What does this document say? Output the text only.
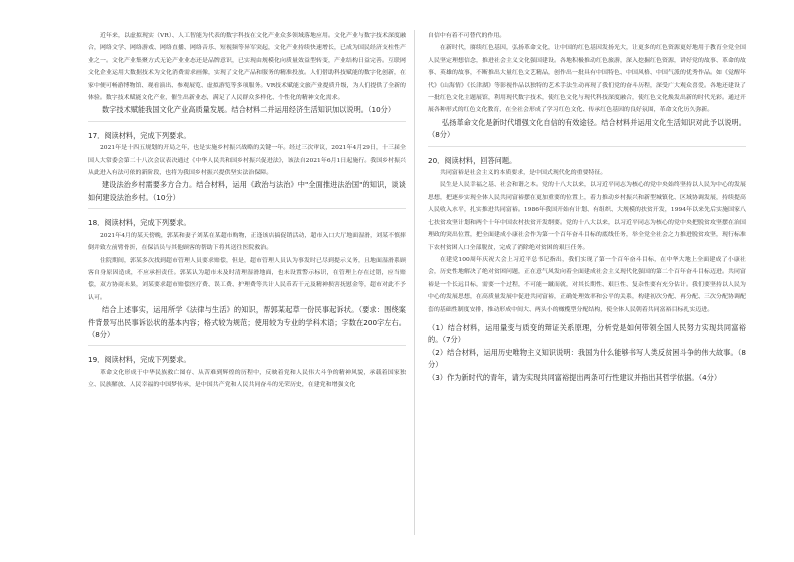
近年来，以虚拟现实（VR）、人工智能为代表的数字科技在文化产业众多领域落地应用。文化产业与数字技术深度融合，网络文学、网络游戏、网络直播、网络音乐、短视频等异军突起，文化产业持续快速增长，已成为国民经济支柱性产业之一。文化产业集聚方式无论产业业态还是品牌意识，已实现由规模化向质量效益型转变，产业结构日益完善。互联网文化企业运用大数据技术为文化消费需求画像，实现了文化产品和服务的精准投放。人们借助科技赋能的数字化创新，在家中便可畅游博物馆、观看演出、参观展览、虚拟游览等多项服务。VR技术赋能文旅产业提质升级，为人们提供了全新的体验。数字技术赋能文化产业，催生出新业态，满足了人民群众多样化、个性化的精神文化需求。

数字技术赋能我国文化产业高质量发展。结合材料二并运用经济生活知识加以说明。（10分）

17．阅读材料，完成下列要求。

2021年是十四五规划的开局之年，也是实施乡村振兴战略的关键一年。经过三次审议，2021年4月29日，十三届全国人大常委会第二十八次会议表决通过《中华人民共和国乡村振兴促进法》，该法自2021年6月1日起施行。我国乡村振兴从此进入有法可依的新阶段，也将为我国乡村振兴提供坚实法治保障。

建设法治乡村需要多方合力。结合材料，运用《政治与法治》中"全面推进法治国"的知识，谈谈如何建设法治乡村。（10分）

18．阅读材料，完成下列要求。

2021年4月的某天傍晚，郭某和妻子刘某在某超市购物，正逢该店搞促销活动，超市入口大厅地面湿滑，刘某不慎摔倒并致左前臂骨折，在保洁员与其他顾客的帮助下将其送往医院救治。

住院期间，郭某多次找到超市管理人员要求赔偿，但是，超市管理人员认为事发时已尽到提示义务，且地面湿滑系顾客自身原因造成，不应承担责任。郭某认为超市未及时清理湿滑地面，也未设置警示标识，在管理上存在过错，应当赔偿，双方协商未果，刘某要求超市赔偿医疗费、误工费、护理费等共计人民币若干元及精神损害抚慰金等，超市对此不予认可。

结合上述事实，运用所学《法律与生活》的知识，帮郭某起草一份民事起诉状。（要求：围绕案件背景写出民事诉讼状的基本内容；格式较为规范；使用较为专业的学科术语；字数在200字左右。（8分）

19．阅读材料，完成下列要求。

革命文化形成于中华民族救亡图存、从苦难到辉煌的历程中，反映着党和人民伟大斗争的精神风貌，承载着国家独立、民族解放、人民幸福的中国梦传承，是中国共产党和人民共同奋斗的光荣历史，在建党和增强文化

自信中有着不可替代的作用。

在新时代，赓续红色基因，弘扬革命文化，让中国的红色基因发扬光大，让更多的红色资源更好地用于教育全党全国人民坚定理想信念，推进社会主义文化强国建设。各地积极推动红色旅游，深入挖掘红色资源，讲好党的故事、革命的故事、英雄的故事，不断推出大量红色文艺精品，创作出一批具有中国特色、中国风格、中国气派的优秀作品。如《觉醒年代》《山海情》《长津湖》等影视作品以独特的艺术手法生动再现了我们党的奋斗历程，深受广大观众喜爱。各地还建设了一批红色文化主题展馆，利用现代数字技术，使红色文化与现代科技深度融合，使红色文化焕发出新的时代光彩。通过开展各种形式的红色文化教育，在全社会形成了学习红色文化、传承红色基因的良好氛围，革命文化历久弥新。

弘扬革命文化是新时代增强文化自信的有效途径。结合材料并运用文化生活知识对此予以说明。（8分）

20．阅读材料，回答问题。

共同富裕是社会主义的本质要求，是中国式现代化的重要特征。

民生是人民幸福之基、社会和谐之本。党的十八大以来，以习近平同志为核心的党中央始终坚持以人民为中心的发展思想，把逐步实现全体人民共同富裕摆在更加重要的位置上，着力推动乡村振兴和新型城镇化、区域协调发展，持续提高人民收入水平，扎实推进共同富裕。1986年我国开始有计划、有组织、大规模的扶贫开发，1994年以来先后实施国家八七扶贫攻坚计划和两个十年中国农村扶贫开发纲要。党的十八大以来，以习近平同志为核心的党中央把脱贫攻坚摆在治国理政的突出位置，把全面建成小康社会作为第一个百年奋斗目标的底线任务，举全党全社会之力推进脱贫攻坚，现行标准下农村贫困人口全部脱贫，完成了消除绝对贫困的艰巨任务。

在建党100周年庆祝大会上习近平总书记指出，我们实现了第一个百年奋斗目标，在中华大地上全面建成了小康社会，历史性地解决了绝对贫困问题，正在意气风发向着全面建成社会主义现代化强国的第二个百年奋斗目标迈进。共同富裕是一个长远目标，需要一个过程，不可能一蹴而就，对其长期性、艰巨性、复杂性要有充分估计。我们要坚持以人民为中心的发展思想，在高质量发展中促进共同富裕，正确处理效率和公平的关系，构建初次分配、再分配、三次分配协调配套的基础性制度安排，推动形成中间大、两头小的橄榄型分配结构，使全体人民朝着共同富裕目标扎实迈进。

（1）结合材料，运用量变与质变的辩证关系原理，分析党是如何带领全国人民努力实现共同富裕的。（7分）

（2）结合材料，运用历史唯物主义知识说明：我国为什么能够书写人类反贫困斗争的伟大故事。（8分）

（3）作为新时代的青年，请为实现共同富裕提出两条可行性建议并指出其哲学依据。（4分）
